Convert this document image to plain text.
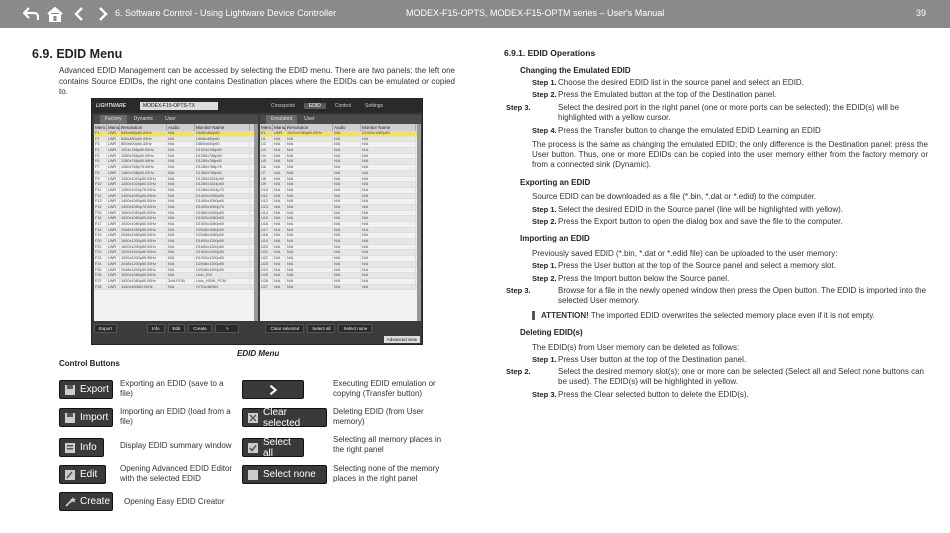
6. Software Control - Using Lightware Device Controller	MODEX-F15-OPTS, MODEX-F15-OPTM series – User's Manual	39
6.9. EDID Menu
Advanced EDID Management can be accessed by selecting the EDID menu. There are two panels: the left one contains Source EDIDs, the right one contains Destination places where the EDIDs can be emulated or copied to.
LIGHTWARE	MODEX-F15-OPTS-TX	Crosspoint	EDID	Control	Settings
Factory	Dynamic	User
Mem.. Manu.. Resolution	Audio	Monitor Name
F1	LWR	640x480p60.00Hz	N/A	D640x480p60
F2	LWR	848x480p60.00Hz	N/A	D848x480p60
F3	LWR	800x600p60.32Hz	N/A	D800x600p60
F4	LWR	1024x768p60.00Hz	N/A	D1024x768p60
F5	LWR	1280x768p50.00Hz	N/A	D1280x768p50
F6	LWR	1280x768p59.94Hz	N/A	D1280x768p60
F7	LWR	1280x768p75.00Hz	N/A	D1280x768p75
F8	LWR	1360x768p60.02Hz	N/A	D1360x768p60
F9	LWR	1280x1024p50.00Hz	N/A	D1280x1024p50
F10	LWR	1280x1024p60.02Hz	N/A	D1280x1024p60
F11	LWR	1280x1024p75.02Hz	N/A	D1280x1024p75
F12	LWR	1400x1050p50.00Hz	N/A	D1400x1050p50
F13	LWR	1400x1050p60.00Hz	N/A	D1400x1050p60
F14	LWR	1400x1050p75.00Hz	N/A	D1400x1050p75
F15	LWR	1680x1050p60.00Hz	N/A	D1680x1050p60
F16	LWR	1920x1080p50.00Hz	N/A	D1920x1080p50
F17	LWR	1920x1080p60.00Hz	N/A	D1920x1080p60
F18	LWR	2048x1080p50.00Hz	N/A	D2048x1080p50
F19	LWR	2048x1080p60.00Hz	N/A	D2048x1080p60
F20	LWR	1600x1200p50.00Hz	N/A	D1600x1200p50
F21	LWR	1600x1200p60.00Hz	N/A	D1600x1200p60
F22	LWR	1920x1200p50.00Hz	N/A	D1920x1200p50
F23	LWR	1920x1200p59.95Hz	N/A	D1920x1200p60
F24	LWR	2048x1200p50.00Hz	N/A	D2048x1200p50
F25	LWR	2048x1200p59.95Hz	N/A	D2048x1200p60
F26	LWR	1920x1080p60.00Hz	N/A	Univ_DVI
F27	LWR	1920x1080p60.00Hz	2chLPCM	Univ_HDMI_PCM
F28	LWR	1440x480i60.00Hz	N/A	H720x480i60
Emulated	User
Mem.. Manu.. Resolution	Audio	Monitor Name
E1	LWR	1920x1080p60.00Hz	N/A	D1920x1080p60
U1	N/A	N/A	N/A	N/A
U2	N/A	N/A	N/A	N/A
U3	N/A	N/A	N/A	N/A
U4	N/A	N/A	N/A	N/A
U5	N/A	N/A	N/A	N/A
U6	N/A	N/A	N/A	N/A
U7	N/A	N/A	N/A	N/A
U8	N/A	N/A	N/A	N/A
U9	N/A	N/A	N/A	N/A
U10	N/A	N/A	N/A	N/A
U11	N/A	N/A	N/A	N/A
U12	N/A	N/A	N/A	N/A
U13	N/A	N/A	N/A	N/A
U14	N/A	N/A	N/A	N/A
U15	N/A	N/A	N/A	N/A
U16	N/A	N/A	N/A	N/A
U17	N/A	N/A	N/A	N/A
U18	N/A	N/A	N/A	N/A
U19	N/A	N/A	N/A	N/A
U20	N/A	N/A	N/A	N/A
U21	N/A	N/A	N/A	N/A
U22	N/A	N/A	N/A	N/A
U23	N/A	N/A	N/A	N/A
U24	N/A	N/A	N/A	N/A
U25	N/A	N/A	N/A	N/A
U26	N/A	N/A	N/A	N/A
U27	N/A	N/A	N/A	N/A
Export	Info	Edit	Create	>	Clear selected	Select all	Select none
Advanced view
EDID Menu
Control Buttons
Export
Exporting an EDID (save to a file)
Import
Importing an EDID (load from a file)
Info	Display EDID summary window
Edit
Opening Advanced EDID Editor with the selected EDID
Create Opening Easy EDID Creator
Executing EDID emulation or copying (Transfer button)
Clear selected
Deleting EDID (from User memory)
Select all
Selecting all memory places in the right panel
Select none
Selecting none of the memory places in the right panel
6.9.1. EDID Operations
Changing the Emulated EDID
Step 1.Choose the desired EDID list in the source panel and select an EDID.
Step 2.Press the Emulated button at the top of the Destination panel.
Step 3.	Select the desired port in the right panel (one or more ports can be selected); the EDID(s) will be highlighted with a yellow cursor.
Step 4.Press the Transfer button to change the emulated EDID Learning an EDID
The process is the same as changing the emulated EDID; the only difference is the Destination panel: press the User button. Thus, one or more EDIDs can be copied into the user memory either from the factory memory or from a connected sink (Dynamic).
Exporting an EDID
Source EDID can be downloaded as a file (*.bin, *.dat or *.edid) to the computer.
Step 1.Select the desired EDID in the Source panel (line will be highlighted with yellow).
Step 2.Press the Export button to open the dialog box and save the file to the computer.
Importing an EDID
Previously saved EDID (*.bin, *.dat or *.edid file) can be uploaded to the user memory:
Step 1.Press the User button at the top of the Source panel and select a memory slot.
Step 2.Press the Import button below the Source panel.
Step 3.	Browse for a file in the newly opened window then press the Open button. The EDID is imported into the selected User memory.
ATTENTION! The imported EDID overwrites the selected memory place even if it is not empty.
Deleting EDID(s)
The EDID(s) from User memory can be deleted as follows:
Step 1.Press User button at the top of the Destination panel.
Step 2.	Select the desired memory slot(s); one or more can be selected (Select all and Select none buttons can be used). The EDID(s) will be highlighted in yellow.
Step 3.Press the Clear selected button to delete the EDID(s).
